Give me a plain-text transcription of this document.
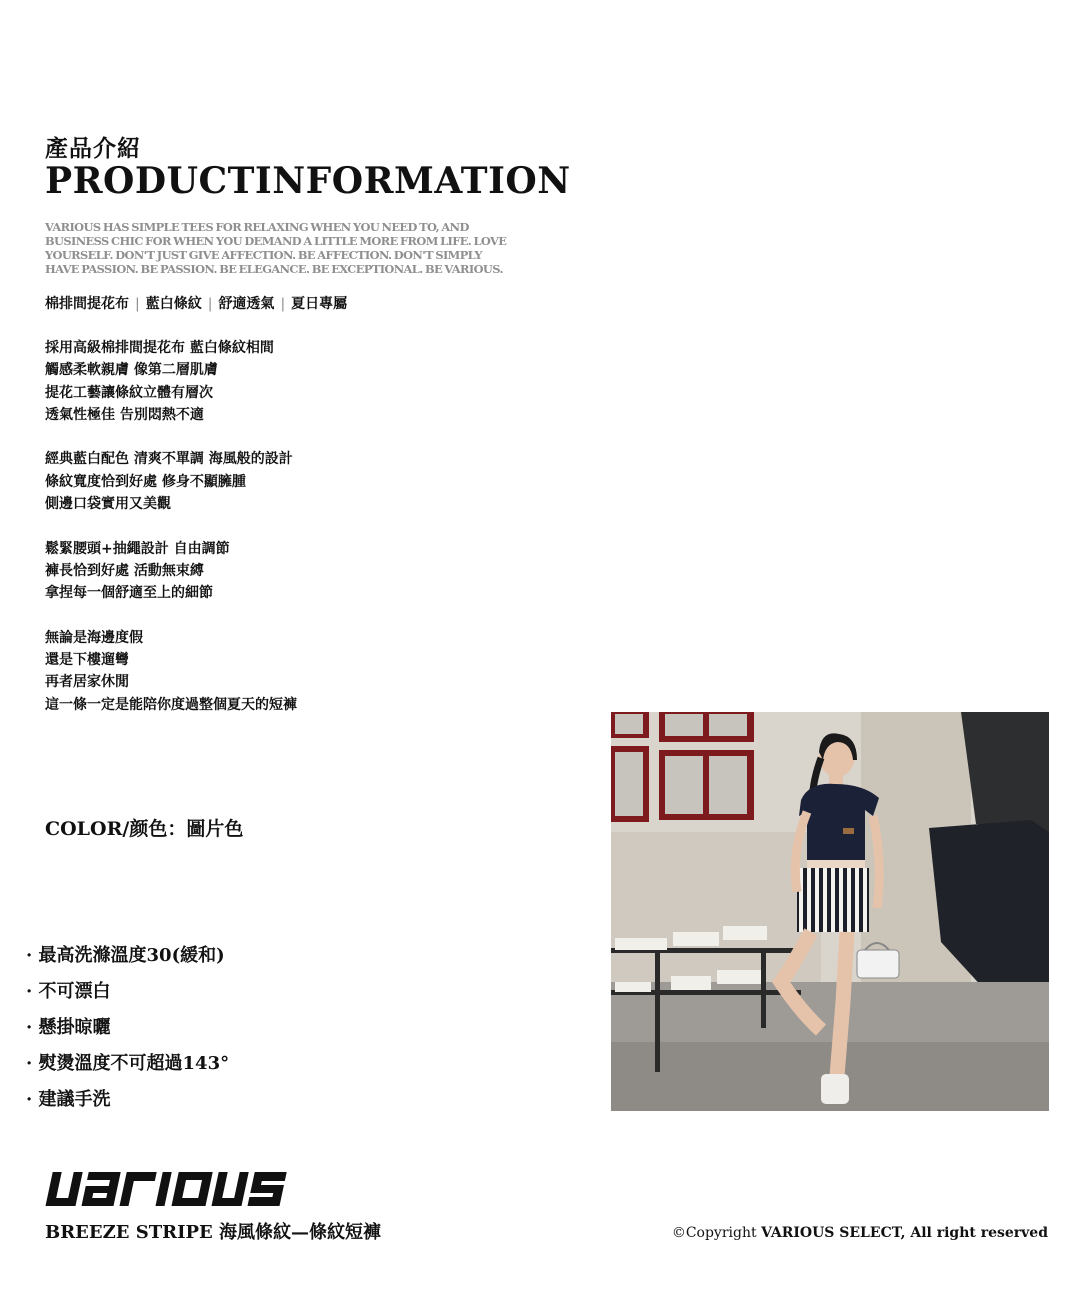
產品介紹
PRODUCTINFORMATION
VARIOUS HAS SIMPLE TEES FOR RELAXING WHEN YOU NEED TO, AND BUSINESS CHIC FOR WHEN YOU DEMAND A LITTLE MORE FROM LIFE. LOVE YOURSELF. DON'T JUST GIVE AFFECTION. BE AFFECTION. DON'T SIMPLY HAVE PASSION. BE PASSION. BE ELEGANCE. BE EXCEPTIONAL. BE VARIOUS.
棉排間提花布 | 藍白條紋 | 舒適透氣 | 夏日專屬
採用高級棉排間提花布 藍白條紋相間
觸感柔軟親膚 像第二層肌膚
提花工藝讓條紋立體有層次
透氣性極佳 告別悶熱不適
經典藍白配色 清爽不單調 海風般的設計
條紋寬度恰到好處 修身不顯臃腫
側邊口袋實用又美觀
鬆緊腰頭+抽繩設計 自由調節
褲長恰到好處 活動無束縛
拿捏每一個舒適至上的細節
無論是海邊度假
還是下樓遛彎
再者居家休閒
這一條一定是能陪你度過整個夏天的短褲
COLOR/颜色：圖片色
· 最高洗滌溫度30(緩和)
· 不可漂白
· 懸掛晾曬
· 熨燙溫度不可超過143°
· 建議手洗
BREEZE STRIPE 海風條紋—條紋短褲	©Copyright VARIOUS SELECT, All right reserved
